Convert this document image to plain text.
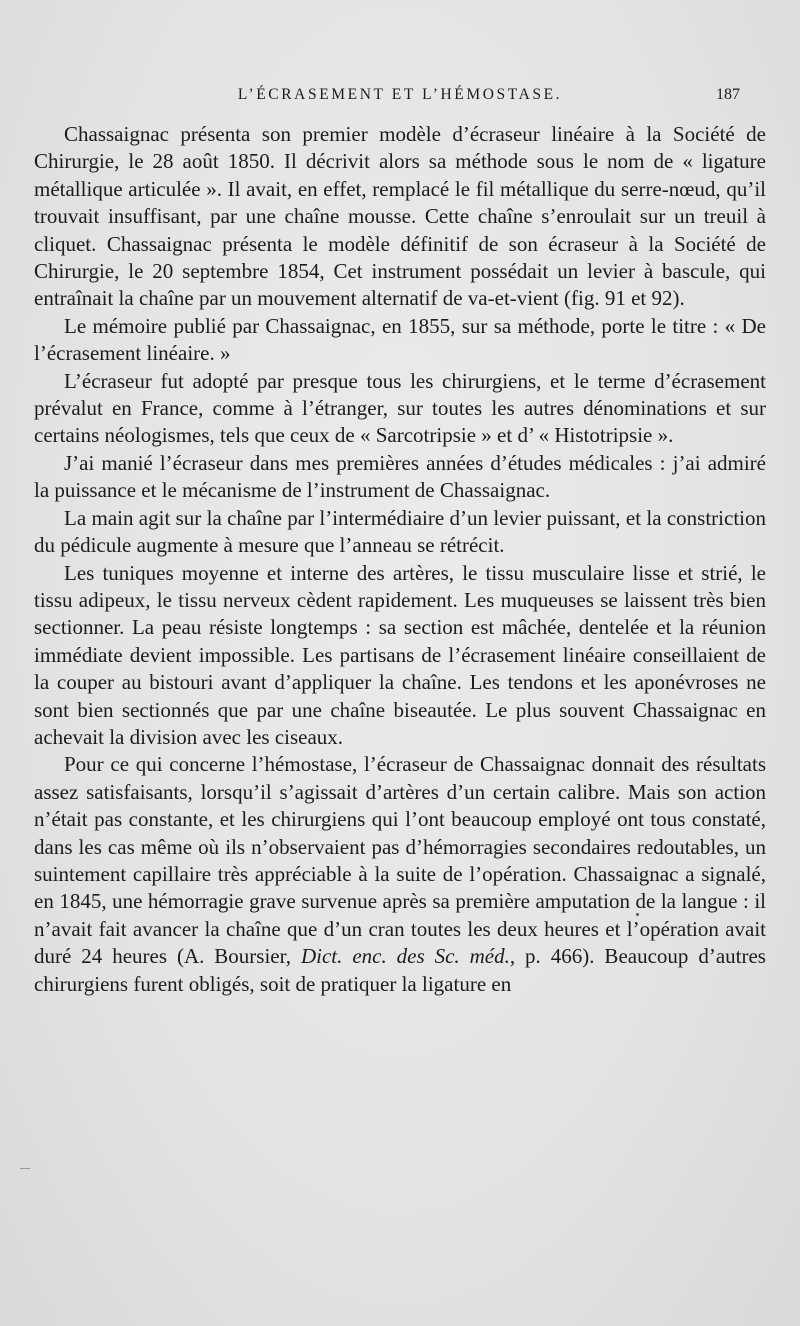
L’ÉCRASEMENT ET L’HÉMOSTASE.	187

Chassaignac présenta son premier modèle d’écraseur linéaire à la Société de Chirurgie, le 28 août 1850. Il décrivit alors sa méthode sous le nom de « ligature métallique articulée ». Il avait, en effet, remplacé le fil métallique du serre-nœud, qu’il trouvait insuffisant, par une chaîne mousse. Cette chaîne s’enroulait sur un treuil à cliquet. Chassaignac présenta le modèle définitif de son écraseur à la Société de Chirurgie, le 20 septembre 1854, Cet instrument possédait un levier à bascule, qui entraînait la chaîne par un mouvement alternatif de va-et-vient (fig. 91 et 92).

Le mémoire publié par Chassaignac, en 1855, sur sa méthode, porte le titre : « De l’écrasement linéaire. »

L’écraseur fut adopté par presque tous les chirurgiens, et le terme d’écrasement prévalut en France, comme à l’étranger, sur toutes les autres dénominations et sur certains néologismes, tels que ceux de « Sarcotripsie » et d’ « Histotripsie ».

J’ai manié l’écraseur dans mes premières années d’études médicales : j’ai admiré la puissance et le mécanisme de l’instrument de Chassaignac.

La main agit sur la chaîne par l’intermédiaire d’un levier puissant, et la constriction du pédicule augmente à mesure que l’anneau se rétrécit.

Les tuniques moyenne et interne des artères, le tissu musculaire lisse et strié, le tissu adipeux, le tissu nerveux cèdent rapidement. Les muqueuses se laissent très bien sectionner. La peau résiste longtemps : sa section est mâchée, dentelée et la réunion immédiate devient impossible. Les partisans de l’écrasement linéaire conseillaient de la couper au bistouri avant d’appliquer la chaîne. Les tendons et les aponévroses ne sont bien sectionnés que par une chaîne biseautée. Le plus souvent Chassaignac en achevait la division avec les ciseaux.

Pour ce qui concerne l’hémostase, l’écraseur de Chassaignac donnait des résultats assez satisfaisants, lorsqu’il s’agissait d’artères d’un certain calibre. Mais son action n’était pas constante, et les chirurgiens qui l’ont beaucoup employé ont tous constaté, dans les cas même où ils n’observaient pas d’hémorragies secondaires redoutables, un suintement capillaire très appréciable à la suite de l’opération. Chassaignac a signalé, en 1845, une hémorragie grave survenue après sa première amputation de la langue : il n’avait fait avancer la chaîne que d’un cran toutes les deux heures et l’opération avait duré 24 heures (A. Boursier, Dict. enc. des Sc. méd., p. 466). Beaucoup d’autres chirurgiens furent obligés, soit de pratiquer la ligature en
